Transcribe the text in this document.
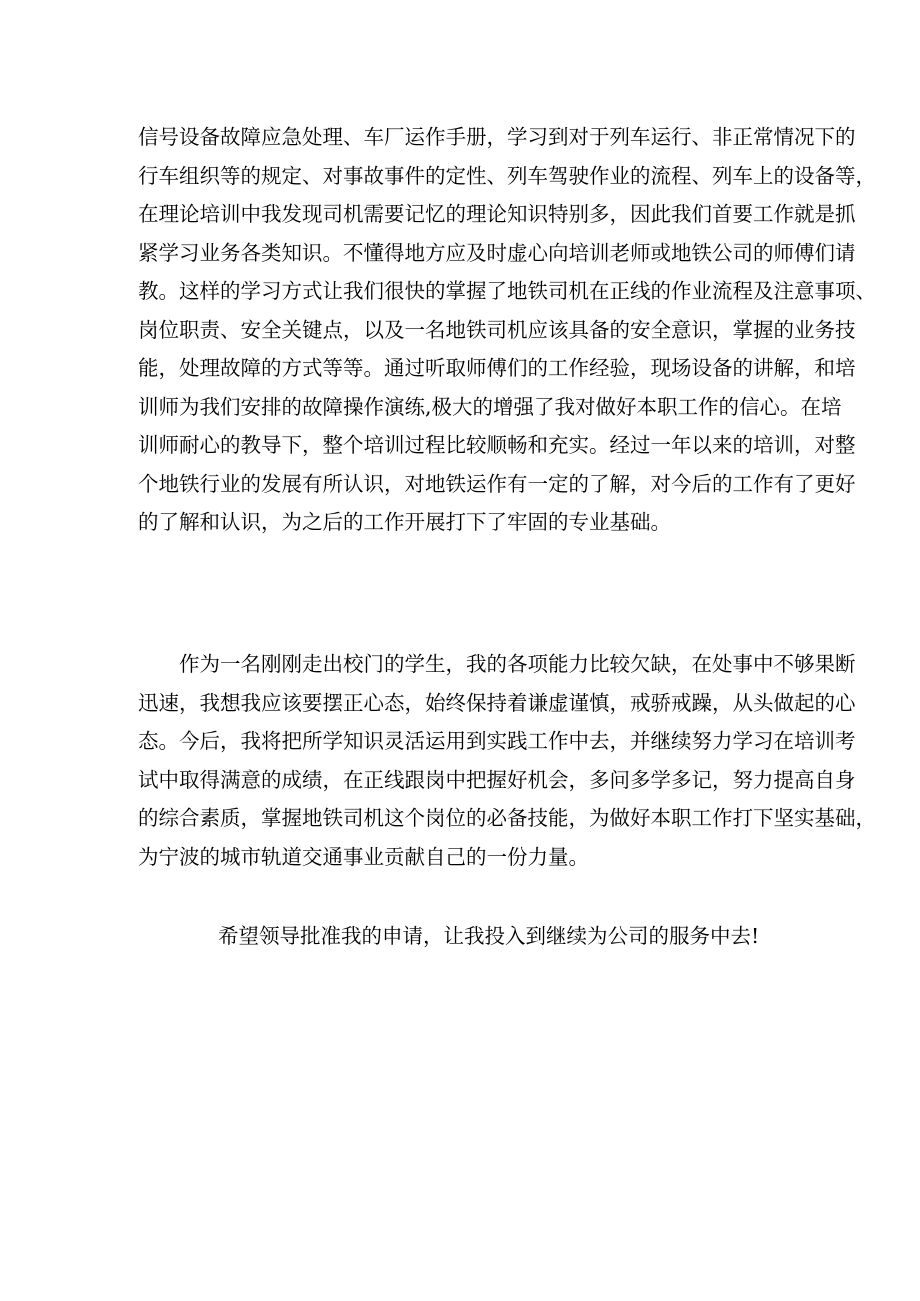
信号设备故障应急处理、车厂运作手册，学习到对于列车运行、非正常情况下的
行车组织等的规定、对事故事件的定性、列车驾驶作业的流程、列车上的设备等，
在理论培训中我发现司机需要记忆的理论知识特别多，因此我们首要工作就是抓
紧学习业务各类知识。不懂得地方应及时虚心向培训老师或地铁公司的师傅们请
教。这样的学习方式让我们很快的掌握了地铁司机在正线的作业流程及注意事项、
岗位职责、安全关键点，以及一名地铁司机应该具备的安全意识，掌握的业务技
能，处理故障的方式等等。通过听取师傅们的工作经验，现场设备的讲解，和培
训师为我们安排的故障操作演练,极大的增强了我对做好本职工作的信心。在培
训师耐心的教导下，整个培训过程比较顺畅和充实。经过一年以来的培训，对整
个地铁行业的发展有所认识，对地铁运作有一定的了解，对今后的工作有了更好
的了解和认识，为之后的工作开展打下了牢固的专业基础。
作为一名刚刚走出校门的学生，我的各项能力比较欠缺，在处事中不够果断
迅速，我想我应该要摆正心态，始终保持着谦虚谨慎，戒骄戒躁，从头做起的心
态。今后，我将把所学知识灵活运用到实践工作中去，并继续努力学习在培训考
试中取得满意的成绩，在正线跟岗中把握好机会，多问多学多记，努力提高自身
的综合素质，掌握地铁司机这个岗位的必备技能，为做好本职工作打下坚实基础，
为宁波的城市轨道交通事业贡献自己的一份力量。
希望领导批准我的申请，让我投入到继续为公司的服务中去!
